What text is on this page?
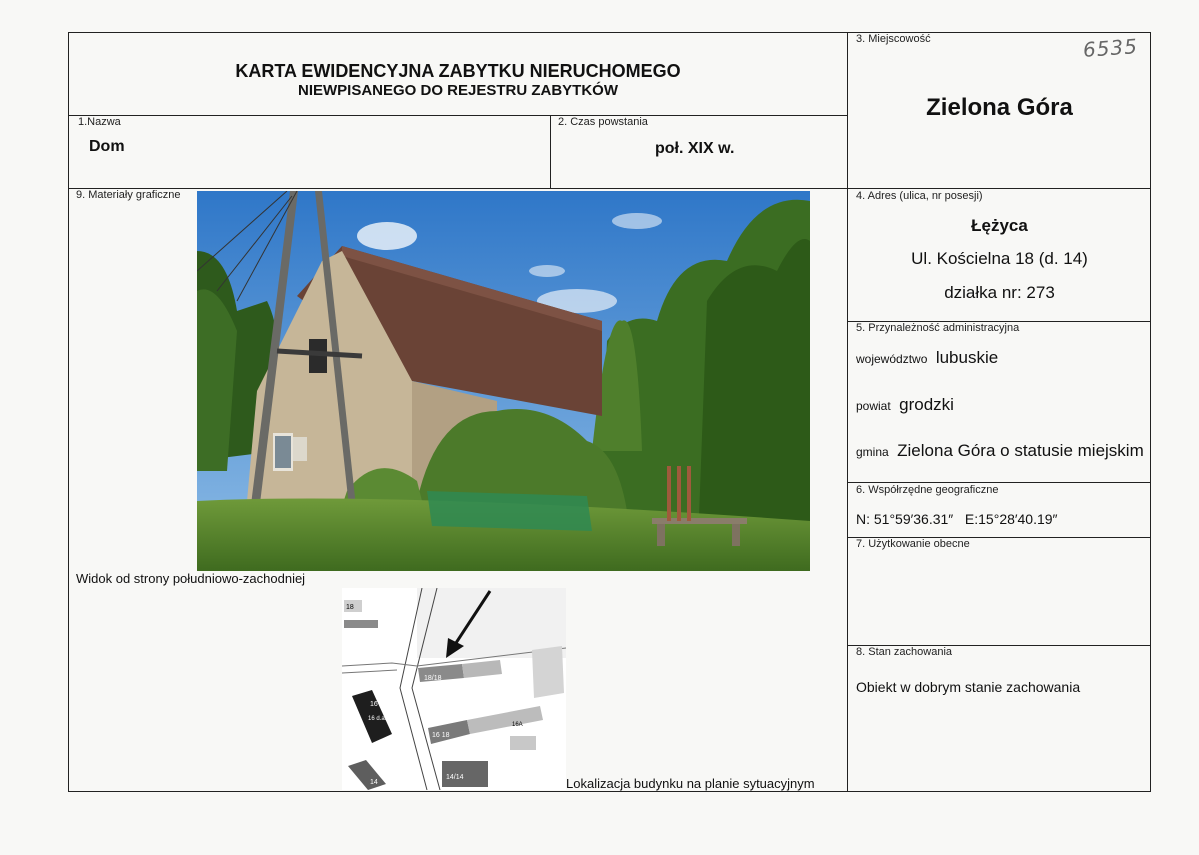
6535
KARTA EWIDENCYJNA ZABYTKU NIERUCHOMEGO
NIEWPISANEGO DO REJESTRU ZABYTKÓW
1.Nazwa
Dom
2. Czas powstania
poł. XIX w.
3. Miejscowość
Zielona Góra
4. Adres (ulica, nr posesji)
Łężyca
Ul. Kościelna 18 (d. 14)
działka nr: 273
5. Przynależność administracyjna
województwo lubuskie
powiat grodzki
gmina Zielona Góra o statusie miejskim
6. Współrzędne geograficzne
N: 51°59′36.31″   E:15°28′40.19″
7. Użytkowanie obecne
8. Stan zachowania
Obiekt w dobrym stanie zachowania
9. Materiały graficzne
Widok od strony południowo-zachodniej
18
18/18
16
16 d.a.
16 18
16A
14
14/14	Lokalizacja budynku na planie sytuacyjnym
